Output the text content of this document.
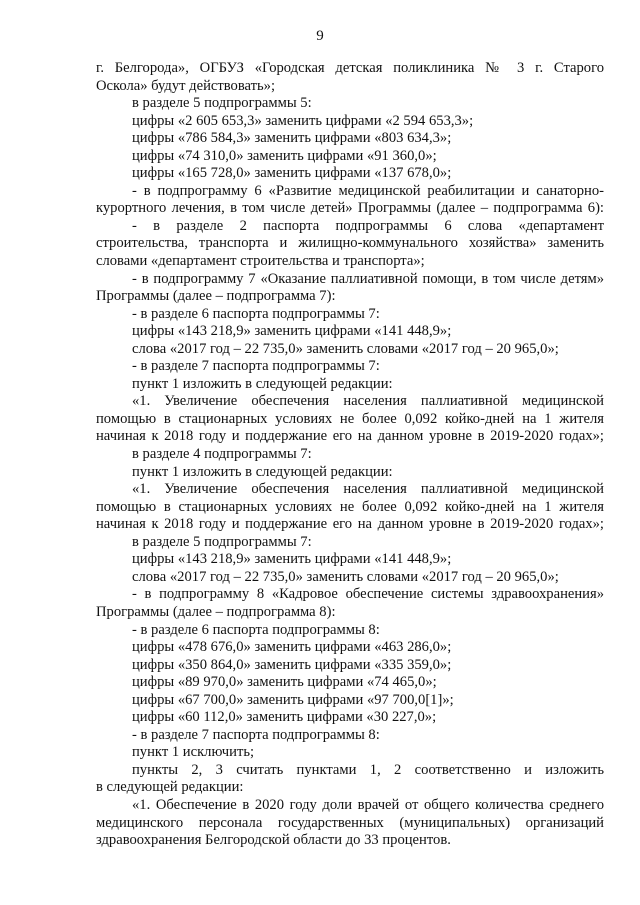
9
г. Белгорода», ОГБУЗ «Городская детская поликлиника № 3 г. Старого
Оскола» будут действовать»;
в разделе 5 подпрограммы 5:
цифры «2 605 653,3» заменить цифрами «2 594 653,3»;
цифры «786 584,3» заменить цифрами «803 634,3»;
цифры «74 310,0» заменить цифрами «91 360,0»;
цифры «165 728,0» заменить цифрами «137 678,0»;
- в подпрограмму 6 «Развитие медицинской реабилитации и санаторно-
курортного лечения, в том числе детей» Программы (далее – подпрограмма 6):
- в разделе 2 паспорта подпрограммы 6 слова «департамент
строительства, транспорта и жилищно-коммунального хозяйства» заменить
словами «департамент строительства и транспорта»;
- в подпрограмму 7 «Оказание паллиативной помощи, в том числе детям»
Программы (далее – подпрограмма 7):
- в разделе 6 паспорта подпрограммы 7:
цифры «143 218,9» заменить цифрами «141 448,9»;
слова «2017 год – 22 735,0» заменить словами «2017 год – 20 965,0»;
- в разделе 7 паспорта подпрограммы 7:
пункт 1 изложить в следующей редакции:
«1. Увеличение обеспечения населения паллиативной медицинской
помощью в стационарных условиях не более 0,092 койко-дней на 1 жителя
начиная к 2018 году и поддержание его на данном уровне в 2019-2020 годах»;
в разделе 4 подпрограммы 7:
пункт 1 изложить в следующей редакции:
«1. Увеличение обеспечения населения паллиативной медицинской
помощью в стационарных условиях не более 0,092 койко-дней на 1 жителя
начиная к 2018 году и поддержание его на данном уровне в 2019-2020 годах»;
в разделе 5 подпрограммы 7:
цифры «143 218,9» заменить цифрами «141 448,9»;
слова «2017 год – 22 735,0» заменить словами «2017 год – 20 965,0»;
- в подпрограмму 8 «Кадровое обеспечение системы здравоохранения»
Программы (далее – подпрограмма 8):
- в разделе 6 паспорта подпрограммы 8:
цифры «478 676,0» заменить цифрами «463 286,0»;
цифры «350 864,0» заменить цифрами «335 359,0»;
цифры «89 970,0» заменить цифрами «74 465,0»;
цифры «67 700,0» заменить цифрами «97 700,0[1]»;
цифры «60 112,0» заменить цифрами «30 227,0»;
- в разделе 7 паспорта подпрограммы 8:
пункт 1 исключить;
пункты 2, 3 считать пунктами 1, 2 соответственно и изложить
в следующей редакции:
«1. Обеспечение в 2020 году доли врачей от общего количества среднего
медицинского персонала государственных (муниципальных) организаций
здравоохранения Белгородской области до 33 процентов.
